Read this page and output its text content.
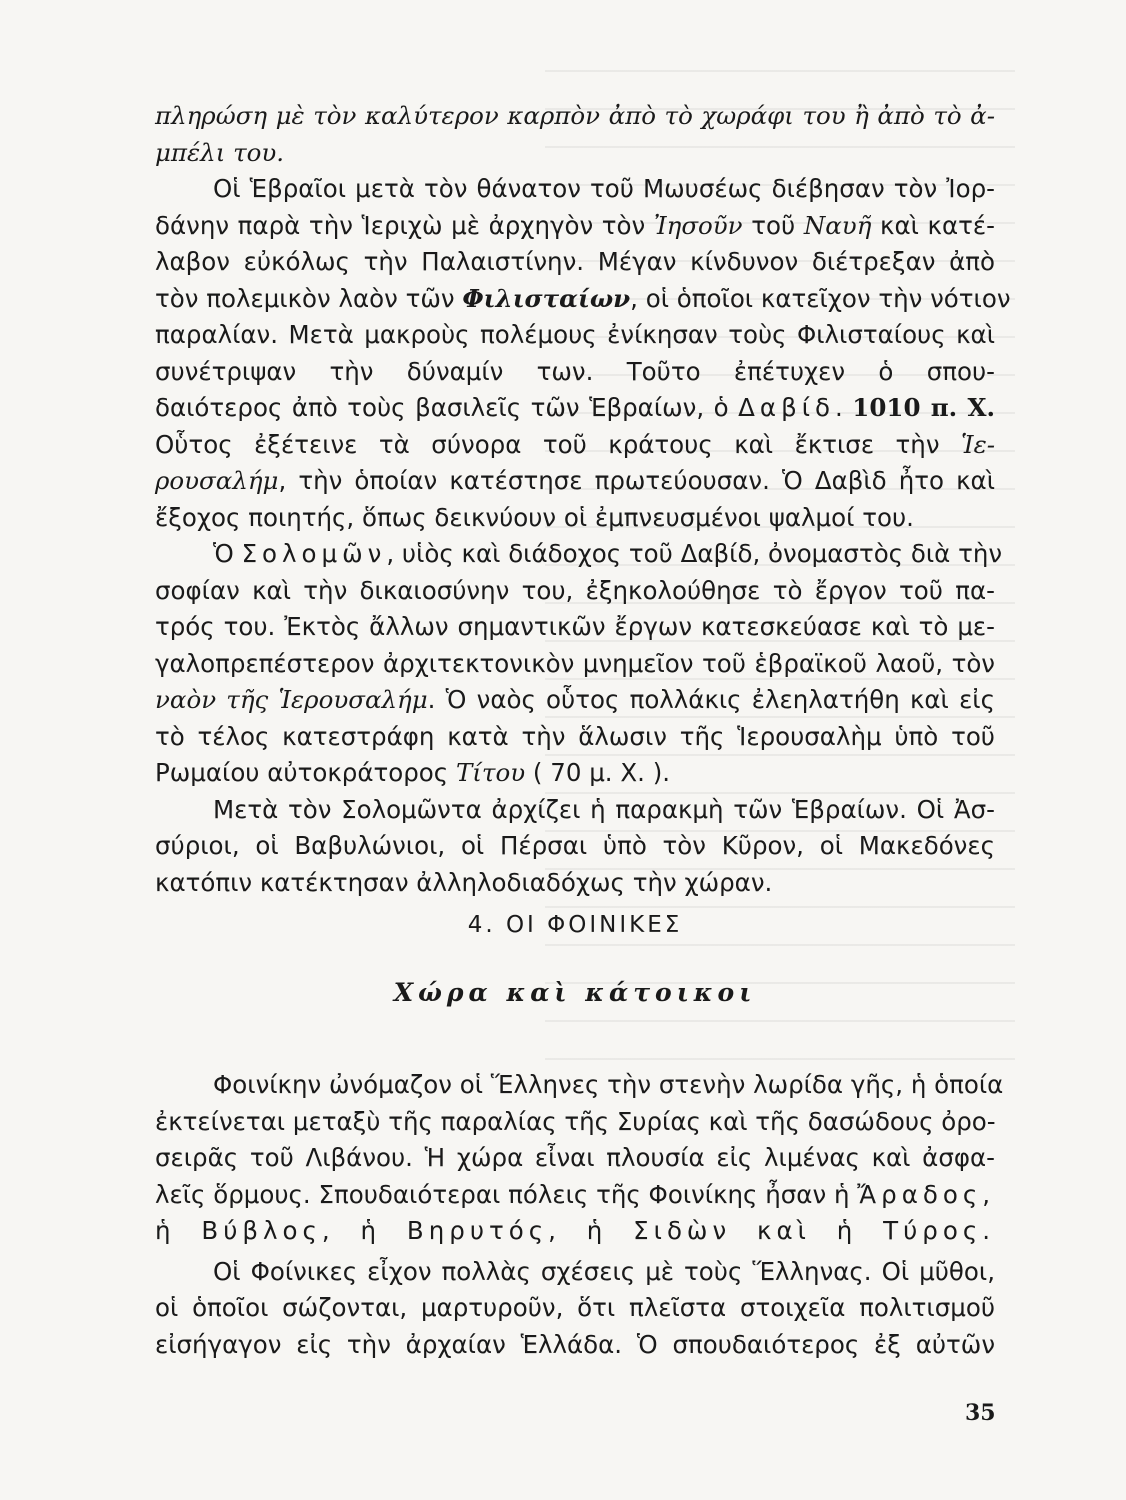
πληρώση μὲ τὸν καλύτερον καρπὸν ἀπὸ τὸ χωράφι του ἢ ἀπὸ τὸ ἀ-
μπέλι του.
Οἱ Ἑβραῖοι μετὰ τὸν θάνατον τοῦ Μωυσέως διέβησαν τὸν Ἰορ-
δάνην παρὰ τὴν Ἱεριχὼ μὲ ἀρχηγὸν τὸν Ἰησοῦν τοῦ Ναυῆ καὶ κατέ-
λαβον εὐκόλως τὴν Παλαιστίνην. Μέγαν κίνδυνον διέτρεξαν ἀπὸ
τὸν πολεμικὸν λαὸν τῶν Φιλισταίων, οἱ ὁποῖοι κατεῖχον τὴν νότιον
παραλίαν. Μετὰ μακροὺς πολέμους ἐνίκησαν τοὺς Φιλισταίους καὶ
συνέτριψαν τὴν δύναμίν των. Τοῦτο ἐπέτυχεν ὁ σπου-
δαιότερος ἀπὸ τοὺς βασιλεῖς τῶν Ἑβραίων, ὁ Δαβίδ. 1010 π. Χ.
Οὗτος ἐξέτεινε τὰ σύνορα τοῦ κράτους καὶ ἔκτισε τὴν Ἱε-
ρουσαλήμ, τὴν ὁποίαν κατέστησε πρωτεύουσαν. Ὁ Δαβὶδ ἦτο καὶ
ἔξοχος ποιητής, ὅπως δεικνύουν οἱ ἐμπνευσμένοι ψαλμοί του.
Ὁ Σολομῶν, υἱὸς καὶ διάδοχος τοῦ Δαβίδ, ὀνομαστὸς διὰ τὴν
σοφίαν καὶ τὴν δικαιοσύνην του, ἐξηκολούθησε τὸ ἔργον τοῦ πα-
τρός του. Ἐκτὸς ἄλλων σημαντικῶν ἔργων κατεσκεύασε καὶ τὸ με-
γαλοπρεπέστερον ἀρχιτεκτονικὸν μνημεῖον τοῦ ἑβραϊκοῦ λαοῦ, τὸν
ναὸν τῆς Ἱερουσαλήμ. Ὁ ναὸς οὗτος πολλάκις ἐλεηλατήθη καὶ εἰς
τὸ τέλος κατεστράφη κατὰ τὴν ἅλωσιν τῆς Ἱερουσαλὴμ ὑπὸ τοῦ
Ρωμαίου αὐτοκράτορος Τίτου ( 70 μ. Χ. ).
Μετὰ τὸν Σολομῶντα ἀρχίζει ἡ παρακμὴ τῶν Ἑβραίων. Οἱ Ἀσ-
σύριοι, οἱ Βαβυλώνιοι, οἱ Πέρσαι ὑπὸ τὸν Κῦρον, οἱ Μακεδόνες
κατόπιν κατέκτησαν ἀλληλοδιαδόχως τὴν χώραν.
4. ΟΙ ΦΟΙΝΙΚΕΣ
Χώρα καὶ κάτοικοι
Φοινίκην ὠνόμαζον οἱ Ἕλληνες τὴν στενὴν λωρίδα γῆς, ἡ ὁποία
ἐκτείνεται μεταξὺ τῆς παραλίας τῆς Συρίας καὶ τῆς δασώδους ὀρο-
σειρᾶς τοῦ Λιβάνου. Ἡ χώρα εἶναι πλουσία εἰς λιμένας καὶ ἀσφα-
λεῖς ὅρμους. Σπουδαιότεραι πόλεις τῆς Φοινίκης ἦσαν ἡ Ἄραδος,
ἡ Βύβλος, ἡ Βηρυτός, ἡ Σιδὼν καὶ ἡ Τύρος.
Οἱ Φοίνικες εἶχον πολλὰς σχέσεις μὲ τοὺς Ἕλληνας. Οἱ μῦθοι,
οἱ ὁποῖοι σώζονται, μαρτυροῦν, ὅτι πλεῖστα στοιχεῖα πολιτισμοῦ
εἰσήγαγον εἰς τὴν ἀρχαίαν Ἑλλάδα. Ὁ σπουδαιότερος ἐξ αὐτῶν
35
